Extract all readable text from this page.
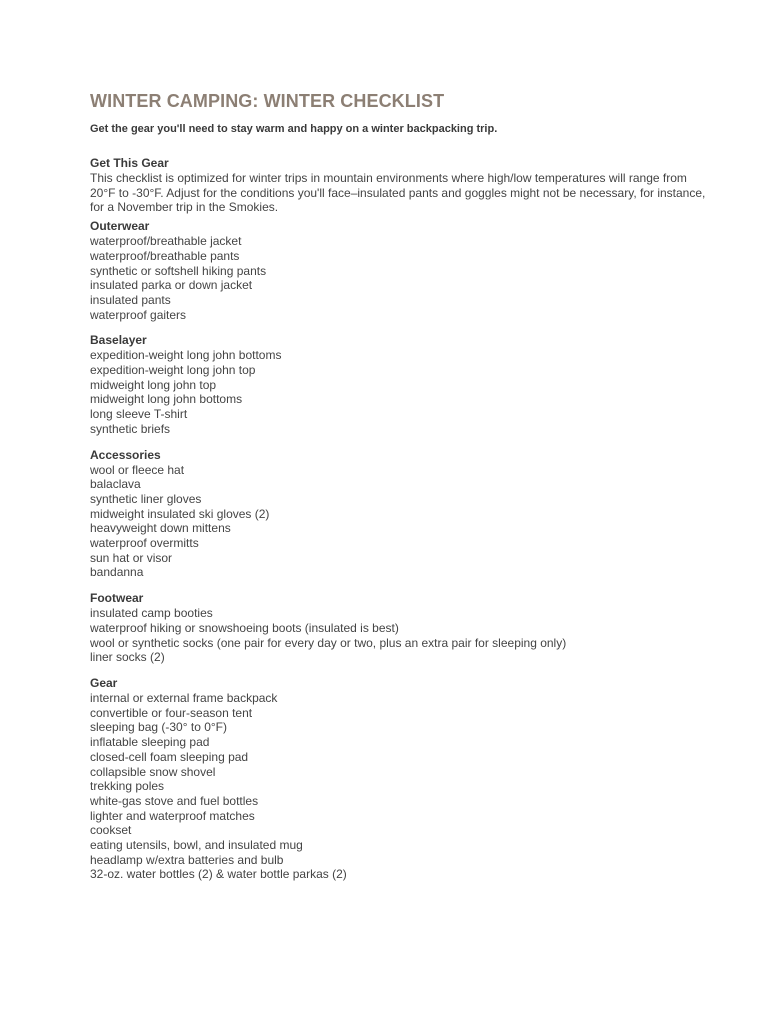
WINTER CAMPING: WINTER CHECKLIST
Get the gear you'll need to stay warm and happy on a winter backpacking trip.
Get This Gear

This checklist is optimized for winter trips in mountain environments where high/low temperatures will range from 20°F to -30°F. Adjust for the conditions you'll face–insulated pants and goggles might not be necessary, for instance, for a November trip in the Smokies.

Outerwear
waterproof/breathable jacket
waterproof/breathable pants
synthetic or softshell hiking pants
insulated parka or down jacket
insulated pants
waterproof gaiters
Baselayer
expedition-weight long john bottoms
expedition-weight long john top
midweight long john top
midweight long john bottoms
long sleeve T-shirt
synthetic briefs
Accessories
wool or fleece hat
balaclava
synthetic liner gloves
midweight insulated ski gloves (2)
heavyweight down mittens
waterproof overmitts
sun hat or visor
bandanna
Footwear
insulated camp booties
waterproof hiking or snowshoeing boots (insulated is best)
wool or synthetic socks (one pair for every day or two, plus an extra pair for sleeping only)
liner socks (2)
Gear
internal or external frame backpack
convertible or four-season tent
sleeping bag (-30° to 0°F)
inflatable sleeping pad
closed-cell foam sleeping pad
collapsible snow shovel
trekking poles
white-gas stove and fuel bottles
lighter and waterproof matches
cookset
eating utensils, bowl, and insulated mug
headlamp w/extra batteries and bulb
32-oz. water bottles (2) & water bottle parkas (2)
